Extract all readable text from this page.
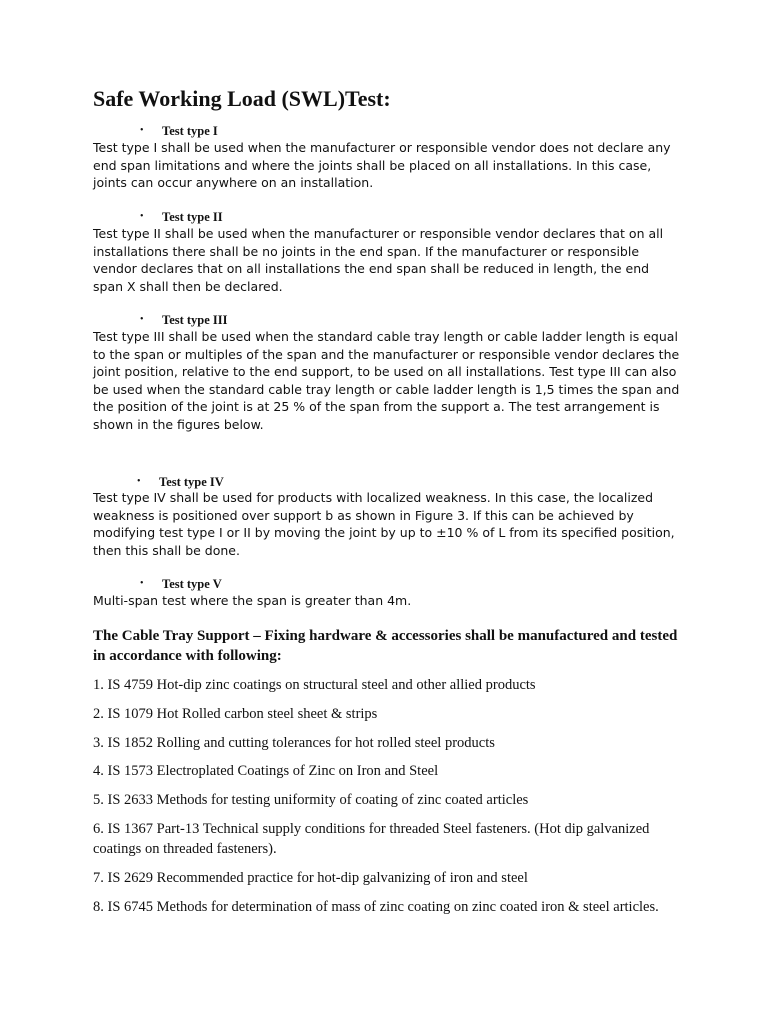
Safe Working Load (SWL)Test:
• Test type I

Test type I shall be used when the manufacturer or responsible vendor does not declare any end span limitations and where the joints shall be placed on all installations. In this case, joints can occur anywhere on an installation.

• Test type II

Test type II shall be used when the manufacturer or responsible vendor declares that on all installations there shall be no joints in the end span. If the manufacturer or responsible vendor declares that on all installations the end span shall be reduced in length, the end span X shall then be declared.

• Test type III

Test type III shall be used when the standard cable tray length or cable ladder length is equal to the span or multiples of the span and the manufacturer or responsible vendor declares the joint position, relative to the end support, to be used on all installations. Test type III can also be used when the standard cable tray length or cable ladder length is 1,5 times the span and the position of the joint is at 25 % of the span from the support a. The test arrangement is shown in the figures below.

• Test type IV

Test type IV shall be used for products with localized weakness. In this case, the localized weakness is positioned over support b as shown in Figure 3. If this can be achieved by modifying test type I or II by moving the joint by up to ±10 % of L from its specified position, then this shall be done.

• Test type V

Multi-span test where the span is greater than 4m.

The Cable Tray Support – Fixing hardware & accessories shall be manufactured and tested in accordance with following:

1. IS 4759 Hot-dip zinc coatings on structural steel and other allied products

2. IS 1079 Hot Rolled carbon steel sheet & strips

3. IS 1852 Rolling and cutting tolerances for hot rolled steel products

4. IS 1573 Electroplated Coatings of Zinc on Iron and Steel

5. IS 2633 Methods for testing uniformity of coating of zinc coated articles

6. IS 1367 Part-13 Technical supply conditions for threaded Steel fasteners. (Hot dip galvanized coatings on threaded fasteners).

7. IS 2629 Recommended practice for hot-dip galvanizing of iron and steel

8. IS 6745 Methods for determination of mass of zinc coating on zinc coated iron & steel articles.
